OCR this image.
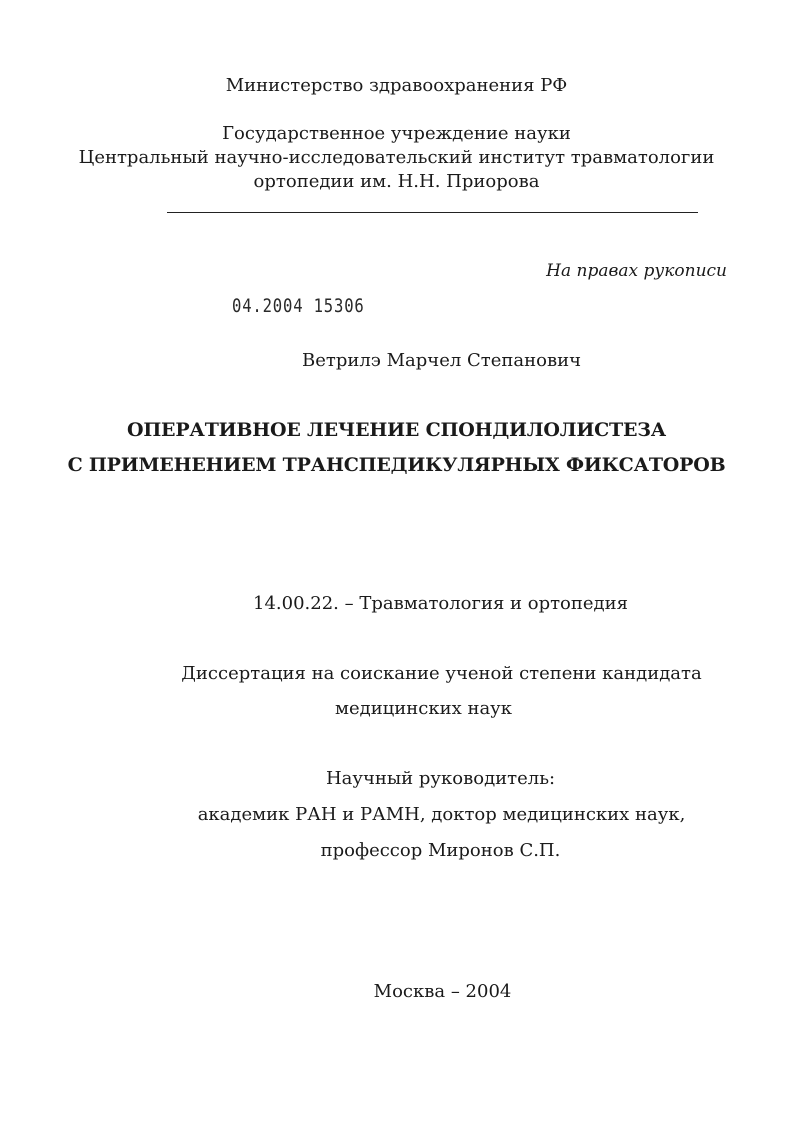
Министерство здравоохранения РФ
Государственное учреждение науки
Центральный научно-исследовательский институт травматологии
ортопедии им. Н.Н. Приорова
На правах рукописи
04.2004 15306
Ветрилэ Марчел Степанович
ОПЕРАТИВНОЕ ЛЕЧЕНИЕ СПОНДИЛОЛИСТЕЗА
С ПРИМЕНЕНИЕМ ТРАНСПЕДИКУЛЯРНЫХ ФИКСАТОРОВ
14.00.22. – Травматология и ортопедия
Диссертация на соискание ученой степени кандидата
медицинских наук
Научный руководитель:
академик РАН и РАМН, доктор медицинских наук,
профессор Миронов С.П.
Москва – 2004
